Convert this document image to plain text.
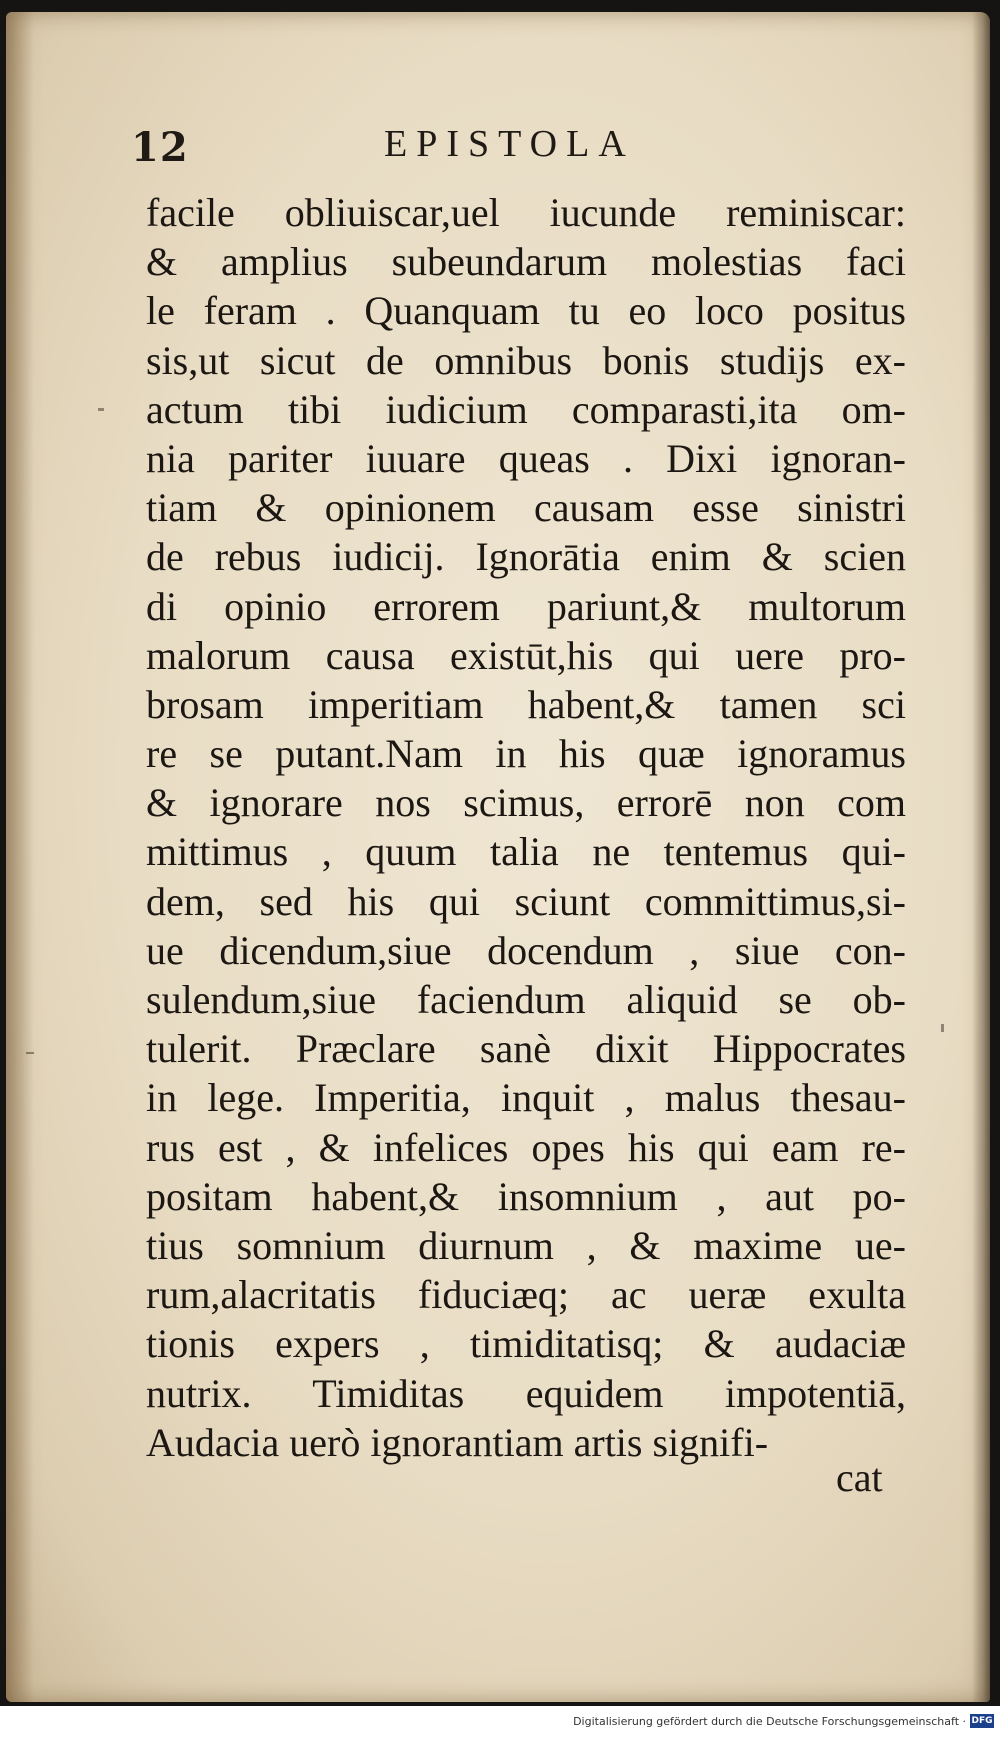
12	EPISTOLA
facile obliuiscar,uel iucunde reminiscar:
& amplius subeundarum molestias faci
le feram . Quanquam tu eo loco positus
sis,ut sicut de omnibus bonis studijs ex-
actum tibi iudicium comparasti,ita om-
nia pariter iuuare queas . Dixi ignoran-
tiam & opinionem causam esse sinistri
de rebus iudicij. Ignorātia enim & scien
di opinio errorem pariunt,& multorum
malorum causa existūt,his qui uere pro-
brosam imperitiam habent,& tamen sci
re se putant.Nam in his quæ ignoramus
& ignorare nos scimus, errorē non com
mittimus , quum talia ne tentemus qui-
dem, sed his qui sciunt committimus,si-
ue dicendum,siue docendum , siue con-
sulendum,siue faciendum aliquid se ob-
tulerit. Præclare sanè dixit Hippocrates
in lege. Imperitia, inquit , malus thesau-
rus est , & infelices opes his qui eam re-
positam habent,& insomnium , aut po-
tius somnium diurnum , & maxime ue-
rum,alacritatis fiduciæq; ac ueræ exulta
tionis expers , timiditatisq; & audaciæ
nutrix. Timiditas equidem impotentiā,
Audacia uerò ignorantiam artis signifi-
cat
Digitalisierung gefördert durch die Deutsche Forschungsgemeinschaft · DFG
